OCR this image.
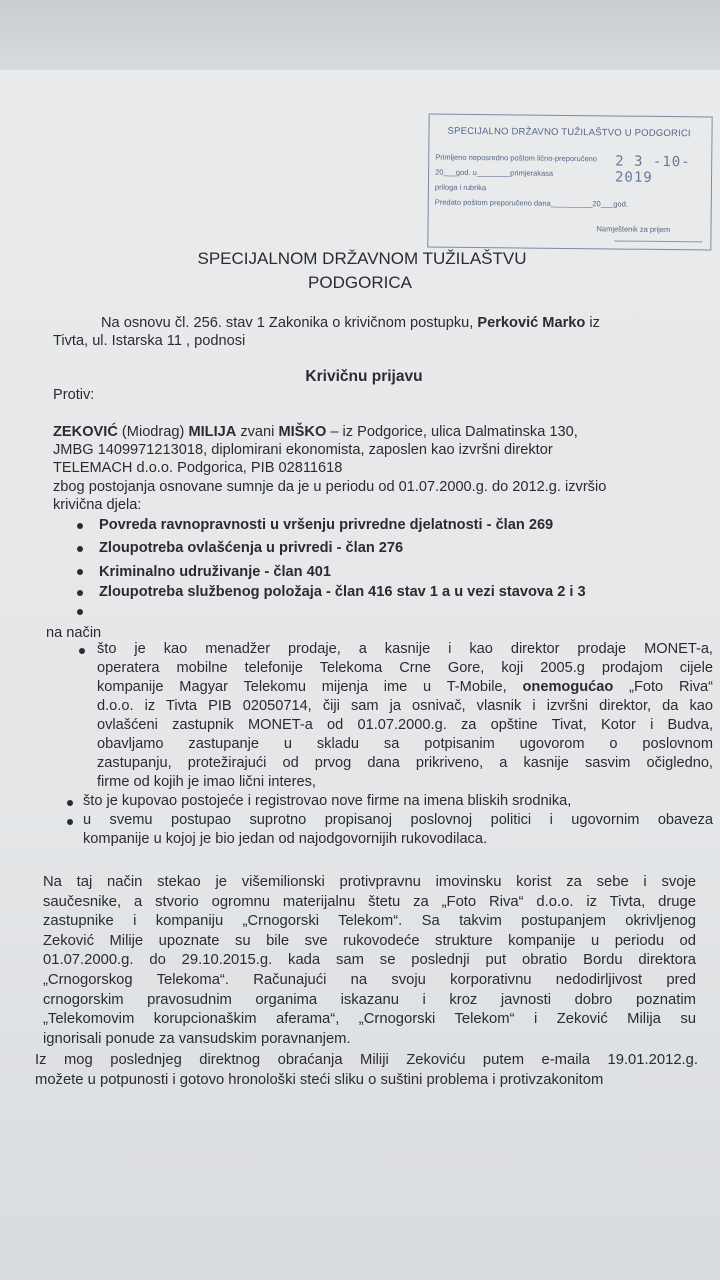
SPECIJALNO DRŽAVNO TUŽILAŠTVO U PODGORICI
Primljeno neposredno poštom lično-preporučeno 2 3 -10- 2019
20___god. u________primjerakasa
priloga i rubrika
Predato poštom preporučeno dana__________20___god.
Namještenik za prijem
SPECIJALNOM DRŽAVNOM TUŽILAŠTVU
PODGORICA
Na osnovu čl. 256. stav 1 Zakonika o krivičnom postupku, Perković Marko iz
Tivta, ul. Istarska 11 , podnosi
Krivičnu prijavu
Protiv:
ZEKOVIĆ (Miodrag) MILIJA zvani MIŠKO – iz Podgorice, ulica Dalmatinska 130,
JMBG 1409971213018, diplomirani ekonomista, zaposlen kao izvršni direktor
TELEMACH d.o.o. Podgorica, PIB 02811618
zbog postojanja osnovane sumnje da je u periodu od 01.07.2000.g. do 2012.g. izvršio
krivična djela:
Povreda ravnopravnosti u vršenju privredne djelatnosti - član 269
Zloupotreba ovlašćenja u privredi - član 276
Kriminalno udruživanje - član 401
Zloupotreba službenog položaja - član 416 stav 1 a u vezi stavova 2 i 3
na način
što je kao menadžer prodaje, a kasnije i kao direktor prodaje MONET-a,
operatera mobilne telefonije Telekoma Crne Gore, koji 2005.g prodajom cijele
kompanije Magyar Telekomu mijenja ime u T-Mobile, onemogućao „Foto Riva“
d.o.o. iz Tivta PIB 02050714, čiji sam ja osnivač, vlasnik i izvršni direktor, da kao
ovlašćeni zastupnik MONET-a od 01.07.2000.g. za opštine Tivat, Kotor i Budva,
obavljamo zastupanje u skladu sa potpisanim ugovorom o poslovnom
zastupanju, protežirajući od prvog dana prikriveno, a kasnije sasvim očigledno,
firme od kojih je imao lični interes,
što je kupovao postojeće i registrovao nove firme na imena bliskih srodnika,
u svemu postupao suprotno propisanoj poslovnoj politici i ugovornim obavezа
kompanije u kojoj je bio jedan od najodgovornijih rukovodilaca.
Na taj način stekao je višemilionski protivpravnu imovinsku korist za sebe i svoje
saučesnike, a stvorio ogromnu materijalnu štetu za „Foto Riva“ d.o.o. iz Tivta, druge
zastupnike i kompaniju „Crnogorski Telekom“. Sa takvim postupanjem okrivljenog
Zeković Milije upoznate su bile sve rukovodeće strukture kompanije u periodu od
01.07.2000.g. do 29.10.2015.g. kada sam se poslednji put obratio Bordu direktora
„Crnogorskog Telekoma“. Računajući na svoju korporativnu nedodirljivost pred
crnogorskim pravosudnim organima iskazanu i kroz javnosti dobro poznatim
„Telekomovim korupcionaškim aferama“, „Crnogorski Telekom“ i Zeković Milija su
ignorisali ponude za vansudskim poravnanjem.
Iz mog poslednjeg direktnog obraćanja Miliji Zekoviću putem e-maila 19.01.2012.g.
možete u potpunosti i gotovo hronološki steći sliku o suštini problema i protivzakonitom
